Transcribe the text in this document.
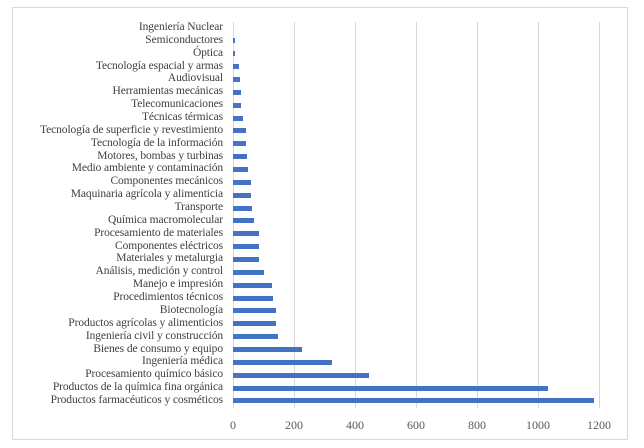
Ingeniería Nuclear
Semiconductores
Óptica
Tecnología espacial y armas
Audiovisual
Herramientas mecánicas
Telecomunicaciones
Técnicas térmicas
Tecnología de superficie y revestimiento
Tecnología de la información
Motores, bombas y turbinas
Medio ambiente y contaminación
Componentes mecánicos
Maquinaria agrícola y alimenticia
Transporte
Química macromolecular
Procesamiento de materiales
Componentes eléctricos
Materiales y metalurgia
Análisis, medición y control
Manejo e impresión
Procedimientos técnicos
Biotecnología
Productos agrícolas y alimenticios
Ingeniería civil y construcción
Bienes de consumo y equipo
Ingeniería médica
Procesamiento químico básico
Productos de la química fina orgánica
Productos farmacéuticos y cosméticos
0	200	400	600	800	1000	1200
